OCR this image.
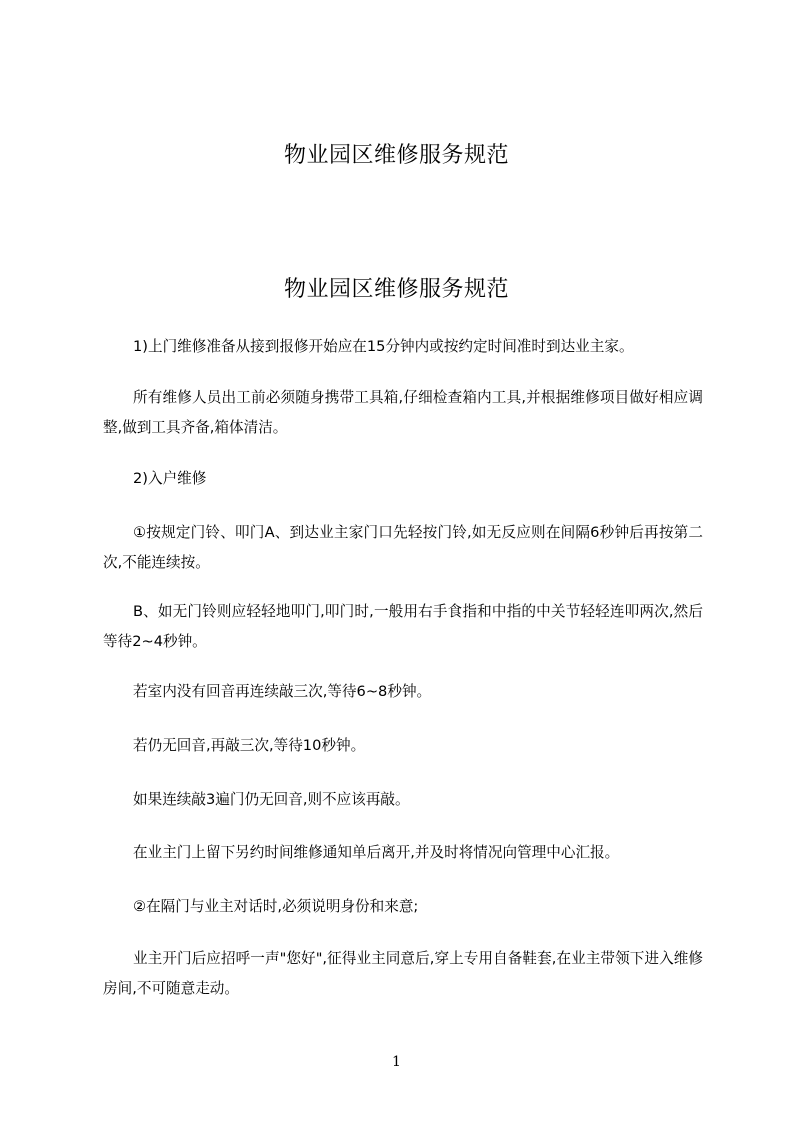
物业园区维修服务规范
物业园区维修服务规范

1)上门维修准备从接到报修开始应在15分钟内或按约定时间准时到达业主家。

所有维修人员出工前必须随身携带工具箱,仔细检查箱内工具,并根据维修项目做好相应调整,做到工具齐备,箱体清洁。

2)入户维修

①按规定门铃、叩门A、到达业主家门口先轻按门铃,如无反应则在间隔6秒钟后再按第二次,不能连续按。

B、如无门铃则应轻轻地叩门,叩门时,一般用右手食指和中指的中关节轻轻连叩两次,然后等待2~4秒钟。

若室内没有回音再连续敲三次,等待6~8秒钟。

若仍无回音,再敲三次,等待10秒钟。

如果连续敲3遍门仍无回音,则不应该再敲。

在业主门上留下另约时间维修通知单后离开,并及时将情况向管理中心汇报。

②在隔门与业主对话时,必须说明身份和来意;

业主开门后应招呼一声"您好",征得业主同意后,穿上专用自备鞋套,在业主带领下进入维修房间,不可随意走动。

1
